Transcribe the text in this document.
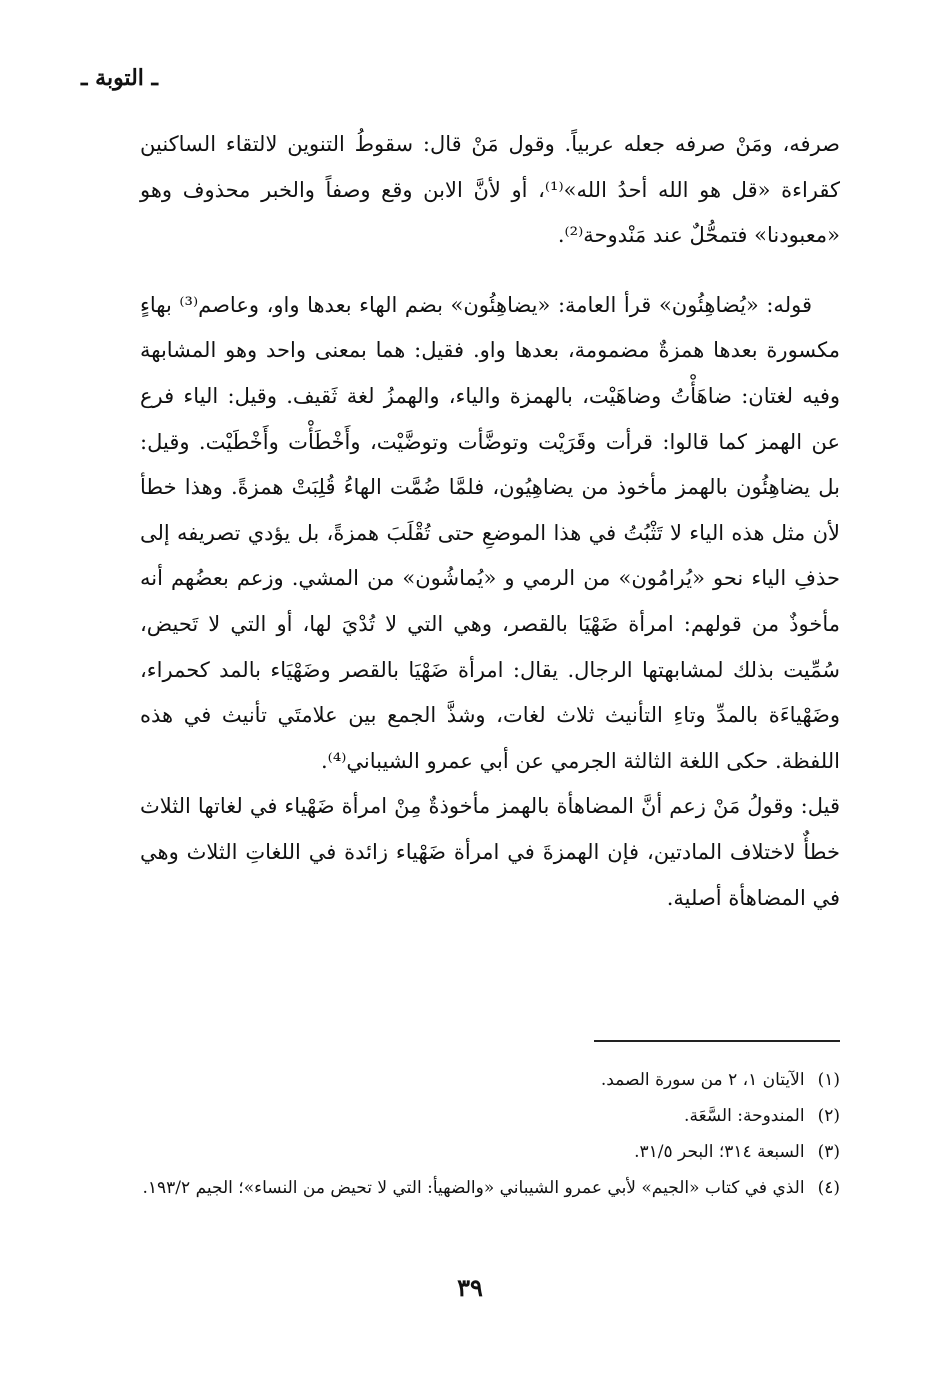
ـ التوبة ـ

صرفه، ومَنْ صرفه جعله عربياً. وقول مَنْ قال: سقوطُ التنوين لالتقاء الساكنين كقراءة «قل هو الله أحدُ الله»⁽¹⁾، أو لأنَّ الابن وقع وصفاً والخبر محذوف وهو «معبودنا» فتمحُّلٌ عند مَنْدوحة⁽²⁾.

قوله: «يُضاهِئُون» قرأ العامة: «يضاهِئُون» بضم الهاء بعدها واو، وعاصم⁽³⁾ بهاءٍ مكسورة بعدها همزةٌ مضمومة، بعدها واو. فقيل: هما بمعنى واحد وهو المشابهة وفيه لغتان: ضاهَأْتُ وضاهَيْت، بالهمزة والياء، والهمزُ لغة ثَقيف. وقيل: الياء فرع عن الهمز كما قالوا: قرأت وقَرَيْت وتوضَّأت وتوضَّيْت، وأَخْطَأْت وأَخْطَيْت. وقيل: بل يضاهِئُون بالهمز مأخوذ من يضاهِيُون، فلمَّا ضُمَّت الهاءُ قُلِبَتْ همزةً. وهذا خطأ لأن مثل هذه الياء لا تَثْبُتُ في هذا الموضعِ حتى تُقْلَبَ همزةً، بل يؤدي تصريفه إلى حذفِ الياء نحو «يُرامُون» من الرمي و «يُماشُون» من المشي. وزعم بعضُهم أنه مأخوذٌ من قولهم: امرأة ضَهْيَا بالقصر، وهي التي لا تُدْيَ لها، أو التي لا تَحيض، سُمِّيت بذلك لمشابهتها الرجال. يقال: امرأة ضَهْيَا بالقصر وضَهْيَاء بالمد كحمراء، وضَهْياءَة بالمدِّ وتاءِ التأنيث ثلاث لغات، وشذَّ الجمع بين علامتَي تأنيث في هذه اللفظة. حكى اللغة الثالثة الجرمي عن أبي عمرو الشيباني⁽⁴⁾.

قيل: وقولُ مَنْ زعم أنَّ المضاهأة بالهمز مأخوذةٌ مِنْ امرأة ضَهْياء في لغاتها الثلاث خطأٌ لاختلاف المادتين، فإن الهمزةَ في امرأة ضَهْياء زائدة في اللغاتِ الثلاث وهي في المضاهأة أصلية.

(١) الآيتان ١، ٢ من سورة الصمد.
(٢) المندوحة: السَّعَة.
(٣) السبعة ٣١٤؛ البحر ٣١/٥.
(٤) الذي في كتاب «الجيم» لأبي عمرو الشيباني «والضهيأ: التي لا تحيض من النساء»؛ الجيم ١٩٣/٢.
٣٩
